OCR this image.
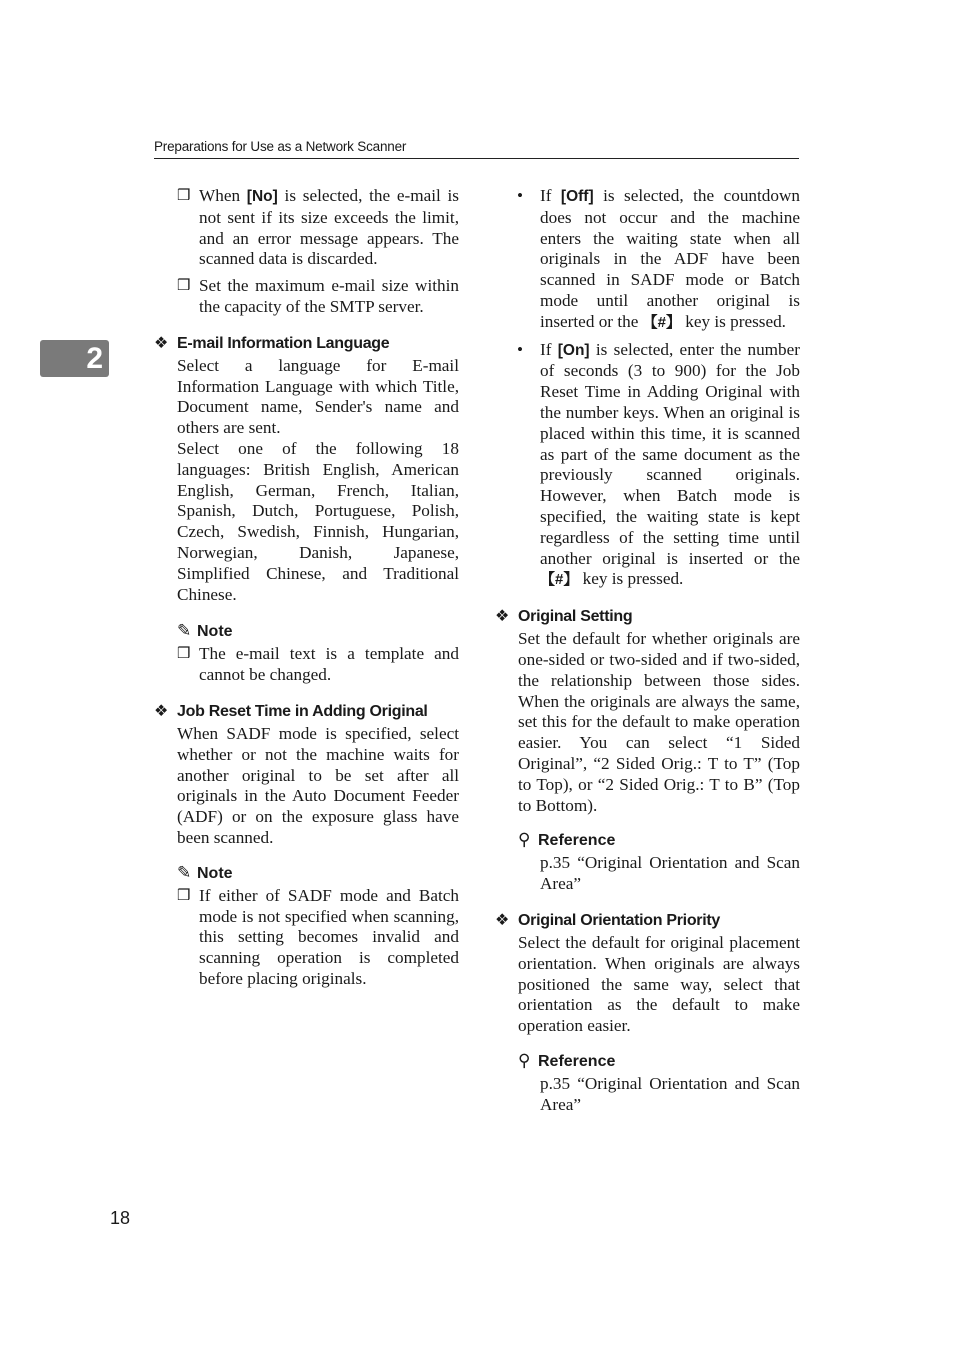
Preparations for Use as a Network Scanner
2

❒ When [No] is selected, the e-mail is not sent if its size exceeds the limit, and an error message appears. The scanned data is discarded.

❒ Set the maximum e-mail size within the capacity of the SMTP server.

❖ E-mail Information Language

Select a language for E-mail Information Language with which Title, Document name, Sender's name and others are sent.

Select one of the following 18 languages: British English, American English, German, French, Italian, Spanish, Dutch, Portuguese, Polish, Czech, Swedish, Finnish, Hungarian, Norwegian, Danish, Japanese, Simplified Chinese, and Traditional Chinese.

✎ Note

❒ The e-mail text is a template and cannot be changed.

❖ Job Reset Time in Adding Original

When SADF mode is specified, select whether or not the machine waits for another original to be set after all originals in the Auto Document Feeder (ADF) or on the exposure glass have been scanned.

✎ Note

❒ If either of SADF mode and Batch mode is not specified when scanning, this setting becomes invalid and scanning operation is completed before placing originals.

• If [Off] is selected, the countdown does not occur and the machine enters the waiting state when all originals in the ADF have been scanned in SADF mode or Batch mode until another original is inserted or the 【#】 key is pressed.

• If [On] is selected, enter the number of seconds (3 to 900) for the Job Reset Time in Adding Original with the number keys. When an original is placed within this time, it is scanned as part of the same document as the previously scanned originals. However, when Batch mode is specified, the waiting state is kept regardless of the setting time until another original is inserted or the 【#】 key is pressed.

❖ Original Setting

Set the default for whether originals are one-sided or two-sided and if two-sided, the relationship between those sides. When the originals are always the same, set this for the default to make operation easier. You can select “1 Sided Original”, “2 Sided Orig.: T to T” (Top to Top), or “2 Sided Orig.: T to B” (Top to Bottom).

⚲ Reference

p.35 “Original Orientation and Scan Area”

❖ Original Orientation Priority

Select the default for original placement orientation. When originals are always positioned the same way, select that orientation as the default to make operation easier.

⚲ Reference

p.35 “Original Orientation and Scan Area”

18
